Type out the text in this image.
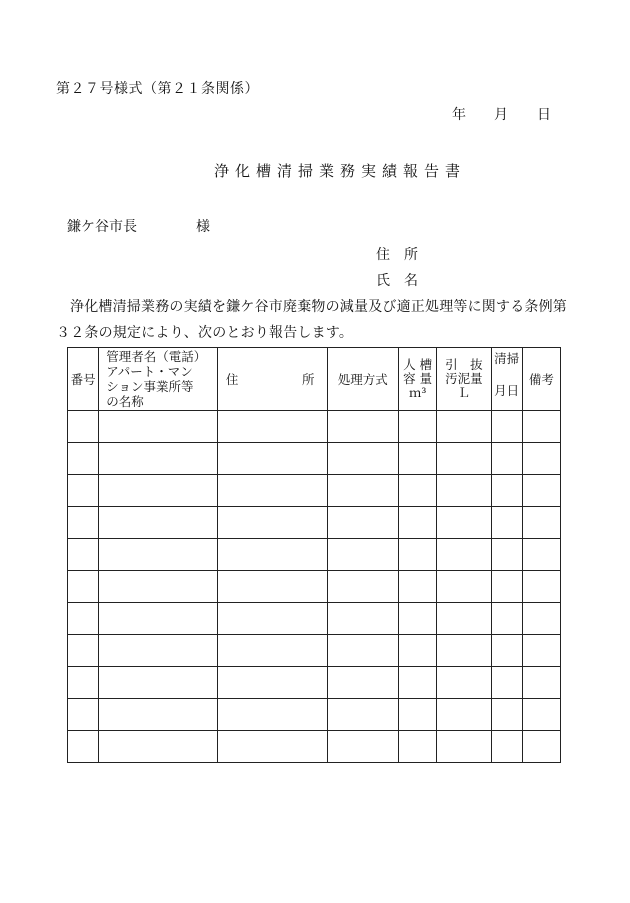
第２７号様式（第２１条関係）
年 月 日
浄化槽清掃業務実績報告書
鎌ケ谷市長	様
住所
氏名
浄化槽清掃業務の実績を鎌ケ谷市廃棄物の減量及び適正処理等に関する条例第３２条の規定により、次のとおり報告します。
番号	管理者名（電話）
アパート・マン
ション事業所等
の名称	住 所	処理方式	人 槽
容 量
ｍ³	引　抜
汚泥量
Ｌ	清掃
月日	備考
